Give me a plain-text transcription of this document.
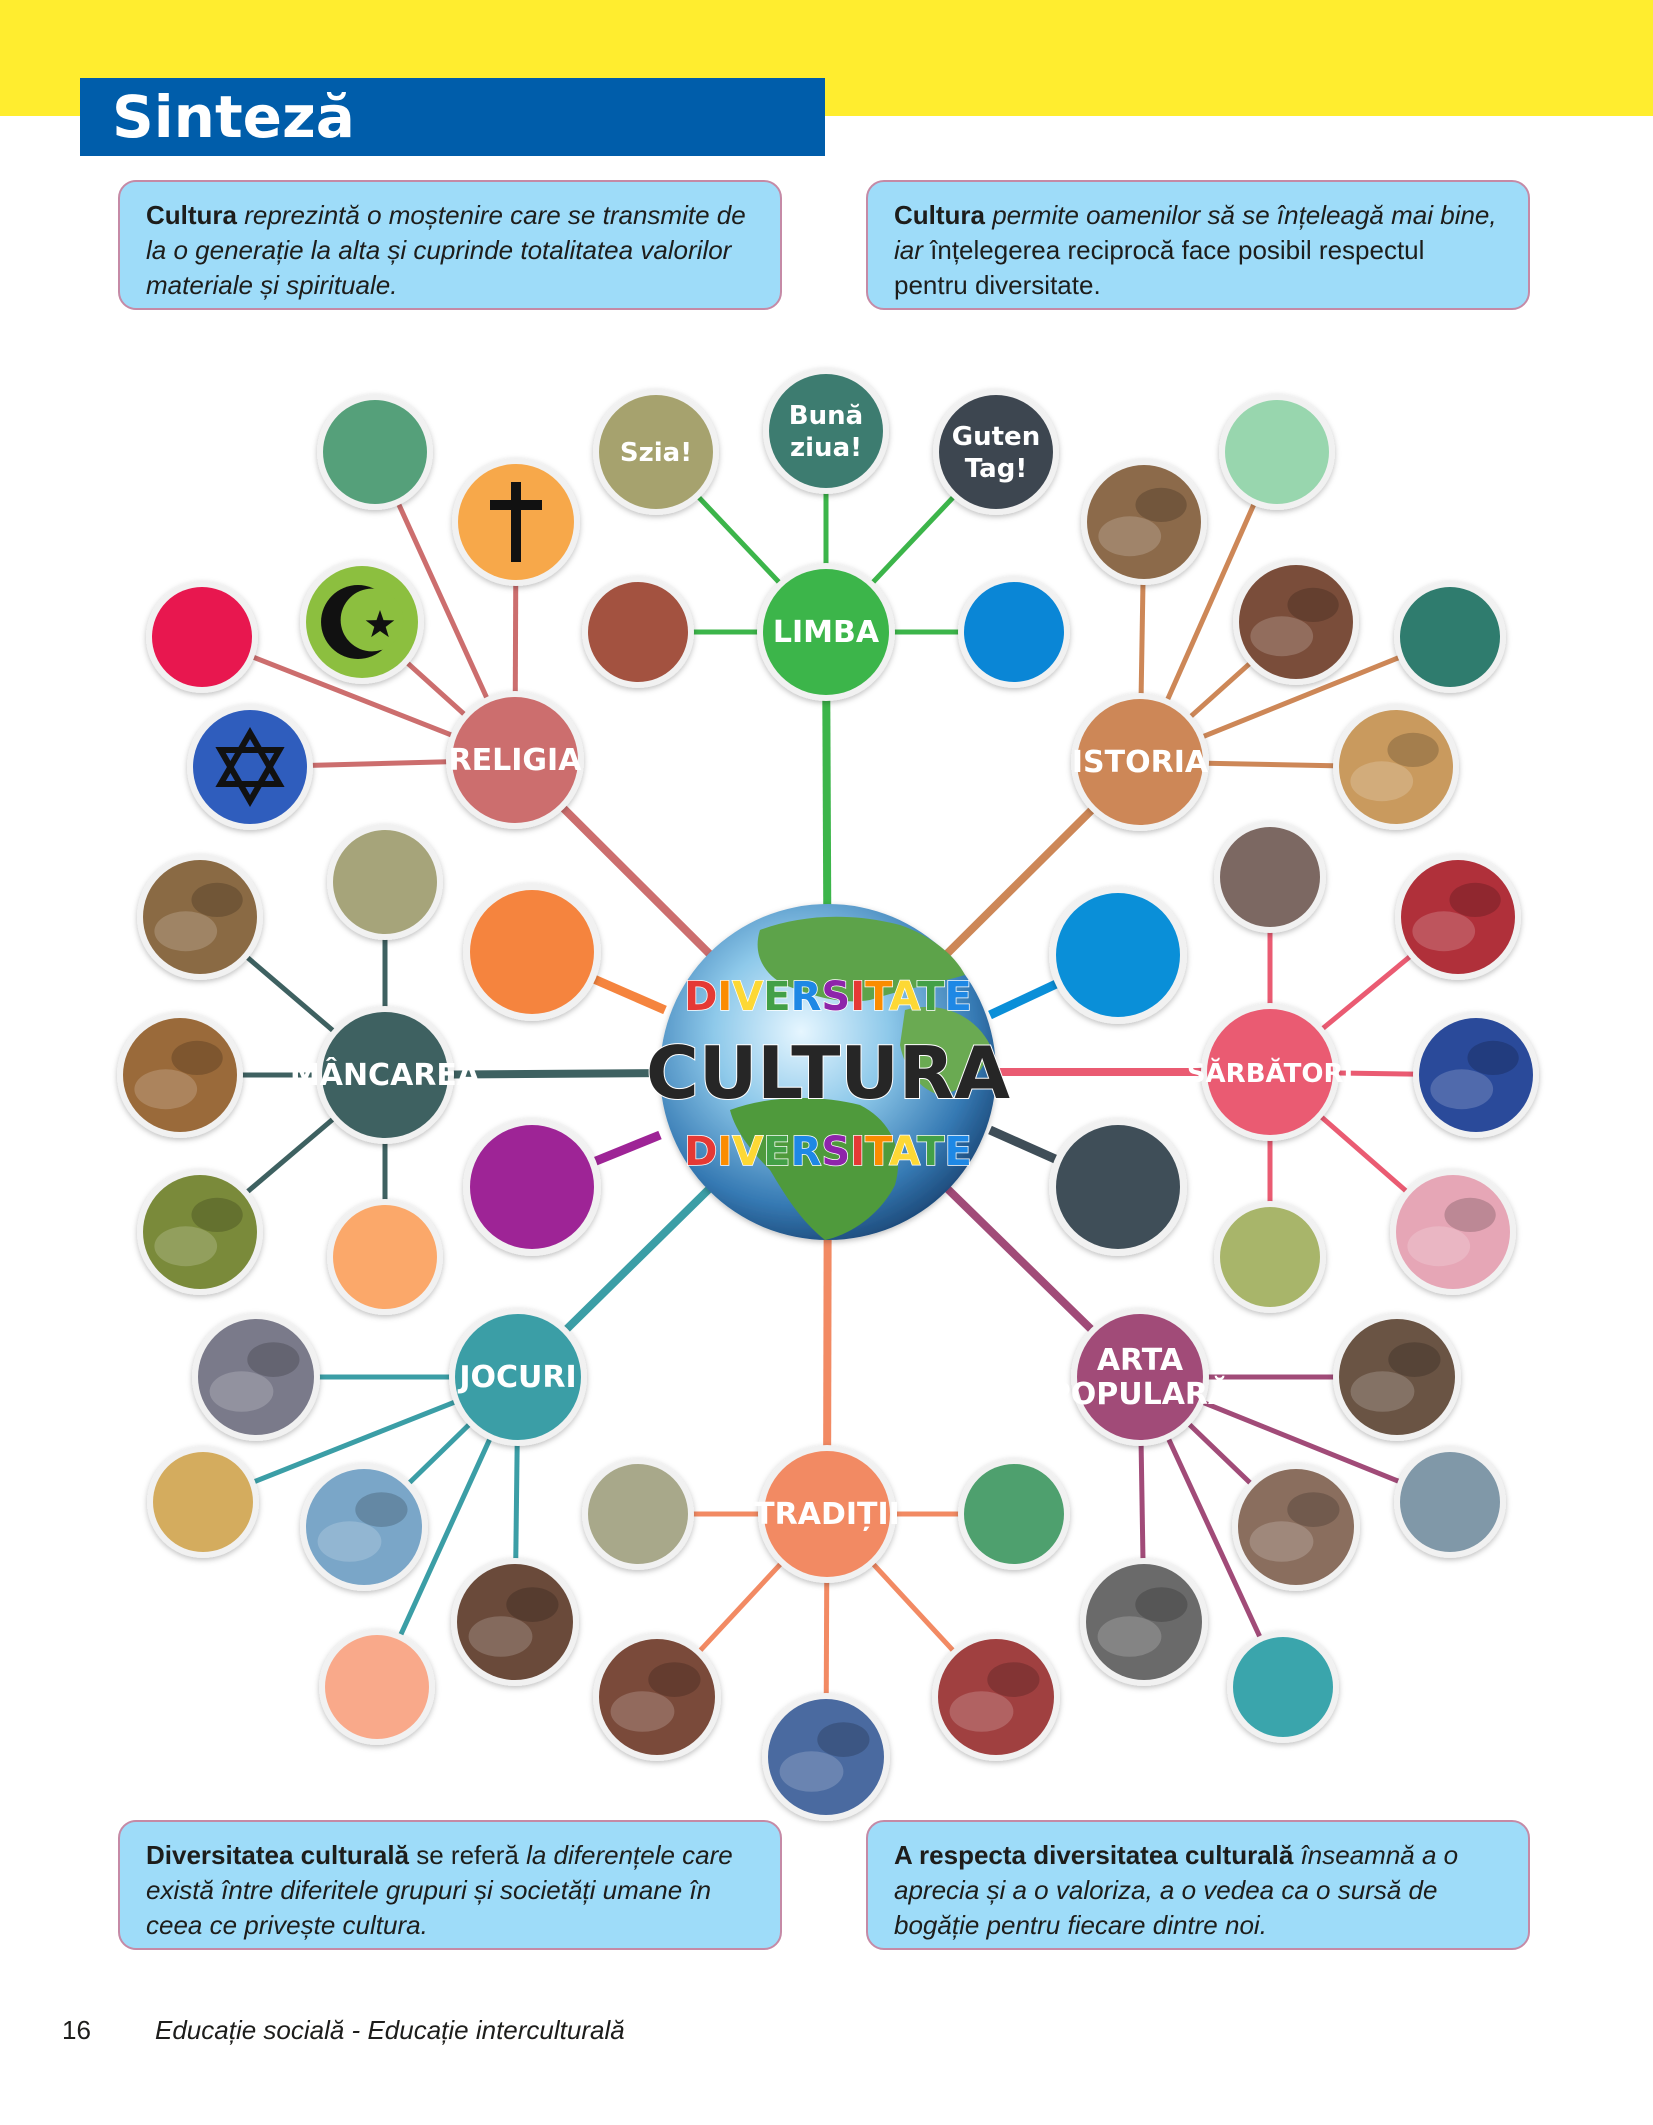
Sinteză
Cultura reprezintă o moștenire care se transmite de la o generație la alta și cuprinde totalitatea valorilor materiale și spirituale.
Cultura permite oamenilor să se înțeleagă mai bine, iar înțelegerea reciprocă face posibil respectul pentru diversitate.
Diversitatea culturală se referă la diferențele care există între diferitele grupuri și societăți umane în ceea ce privește cultura.
A respecta diversitatea culturală înseamnă a o aprecia și a o valoriza, a o vedea ca o sursă de bogăție pentru fiecare dintre noi.
Bună ziua!
Szia!
Guten Tag!
LIMBA
RELIGIA	ISTORIA
MÂNCAREA	SĂRBĂTORI
JOCURI	ARTA POPULARĂ
TRADIȚII
DIVERSITATE
CULTURA
DIVERSITATE
16 Educație socială - Educație interculturală
